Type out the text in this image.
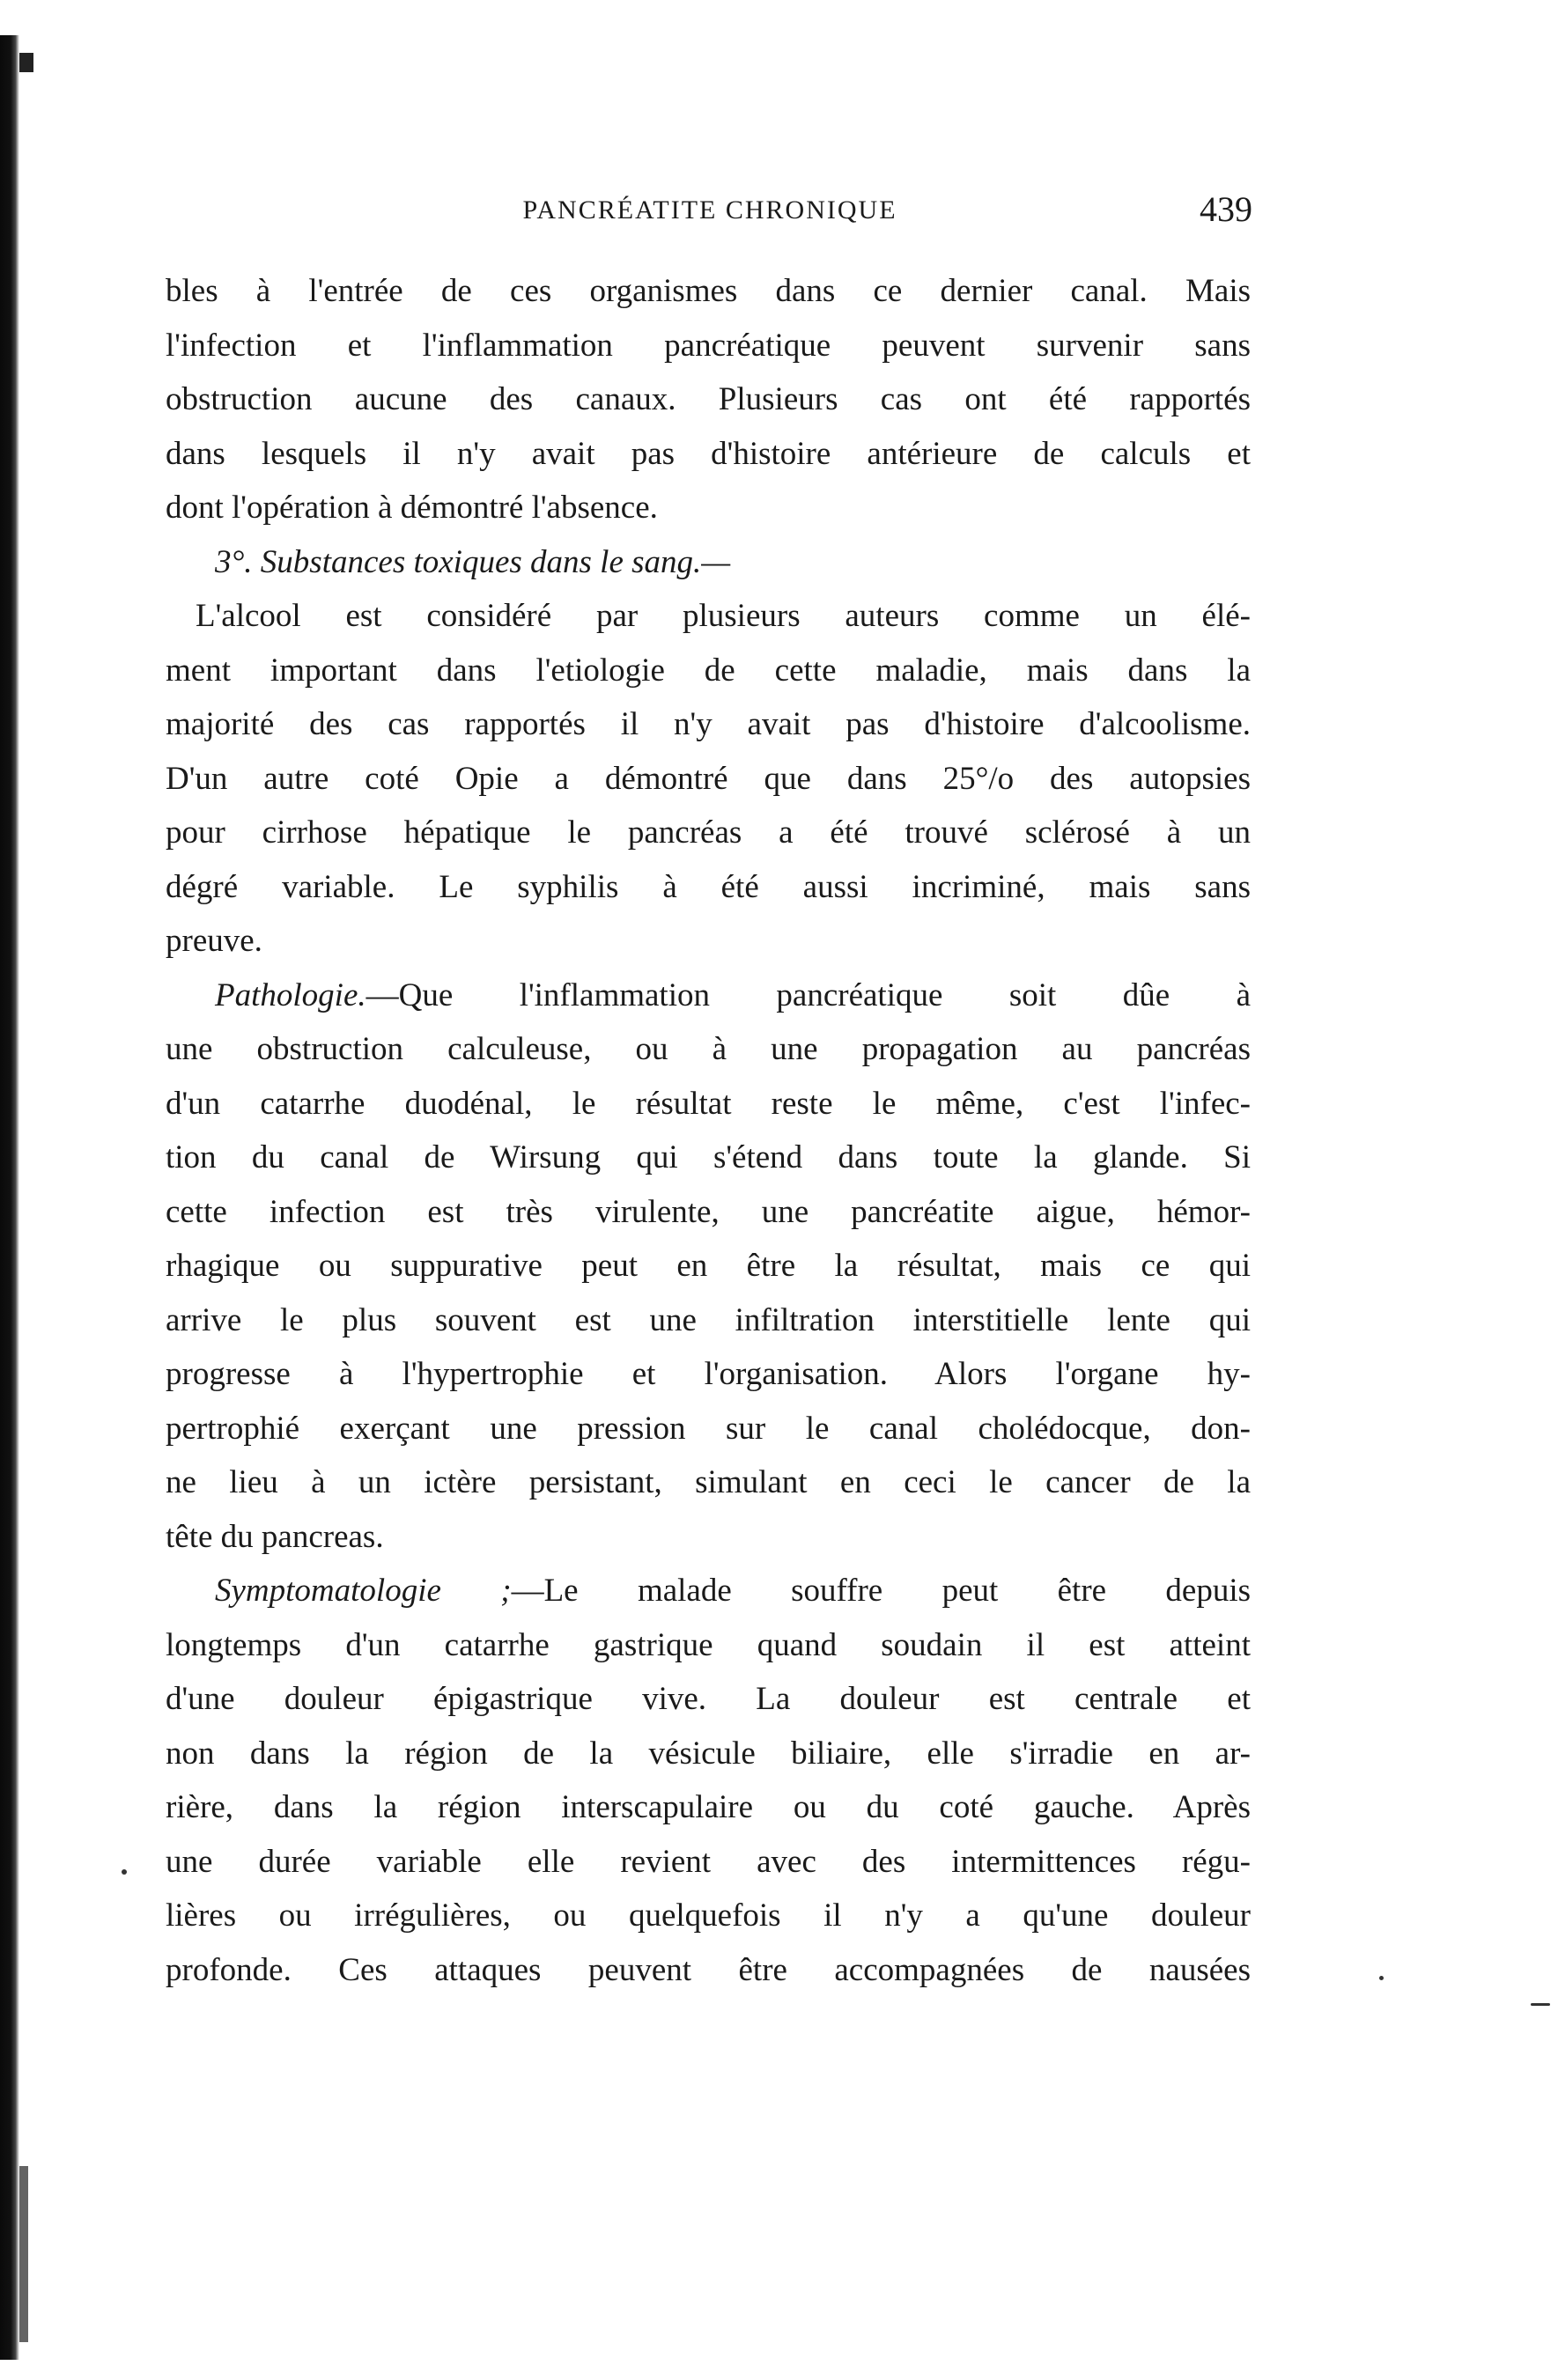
PANCRÉATITE CHRONIQUE	439
bles à l'entrée de ces organismes dans ce dernier canal. Mais
l'infection et l'inflammation pancréatique peuvent survenir sans
obstruction aucune des canaux. Plusieurs cas ont été rapportés
dans lesquels il n'y avait pas d'histoire antérieure de calculs et
dont l'opération à démontré l'absence.
3°. Substances toxiques dans le sang.—
L'alcool est considéré par plusieurs auteurs comme un élé-
ment important dans l'etiologie de cette maladie, mais dans la
majorité des cas rapportés il n'y avait pas d'histoire d'alcoolisme.
D'un autre coté Opie a démontré que dans 25°/o des autopsies
pour cirrhose hépatique le pancréas a été trouvé sclérosé à un
dégré variable. Le syphilis à été aussi incriminé, mais sans
preuve.
Pathologie.—Que l'inflammation pancréatique soit dûe à
une obstruction calculeuse, ou à une propagation au pancréas
d'un catarrhe duodénal, le résultat reste le même, c'est l'infec-
tion du canal de Wirsung qui s'étend dans toute la glande. Si
cette infection est très virulente, une pancréatite aigue, hémor-
rhagique ou suppurative peut en être la résultat, mais ce qui
arrive le plus souvent est une infiltration interstitielle lente qui
progresse à l'hypertrophie et l'organisation. Alors l'organe hy-
pertrophié exerçant une pression sur le canal cholédocque, don-
ne lieu à un ictère persistant, simulant en ceci le cancer de la
tête du pancreas.
Symptomatologie ;—Le malade souffre peut être depuis
longtemps d'un catarrhe gastrique quand soudain il est atteint
d'une douleur épigastrique vive. La douleur est centrale et
non dans la région de la vésicule biliaire, elle s'irradie en ar-
rière, dans la région interscapulaire ou du coté gauche. Après
une durée variable elle revient avec des intermittences régu-
lières ou irrégulières, ou quelquefois il n'y a qu'une douleur
profonde. Ces attaques peuvent être accompagnées de nausées
